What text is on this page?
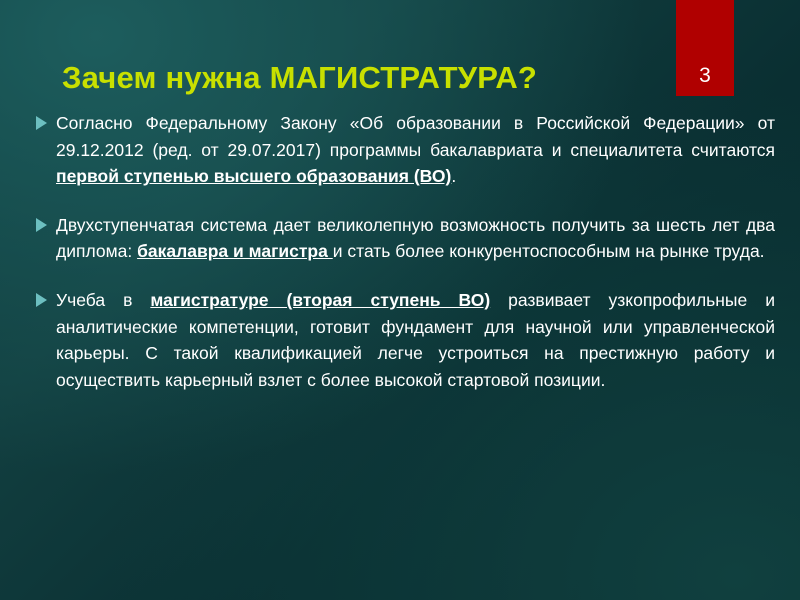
3
Зачем нужна МАГИСТРАТУРА?
Согласно Федеральному Закону «Об образовании в Российской Федерации» от 29.12.2012 (ред. от 29.07.2017) программы бакалавриата и специалитета считаются первой ступенью высшего образования (ВО).
Двухступенчатая система дает великолепную возможность получить за шесть лет два диплома: бакалавра и магистра и стать более конкурентоспособным на рынке труда.
Учеба в магистратуре (вторая ступень ВО) развивает узкопрофильные и аналитические компетенции, готовит фундамент для научной или управленческой карьеры. С такой квалификацией легче устроиться на престижную работу и осуществить карьерный взлет с более высокой стартовой позиции.
